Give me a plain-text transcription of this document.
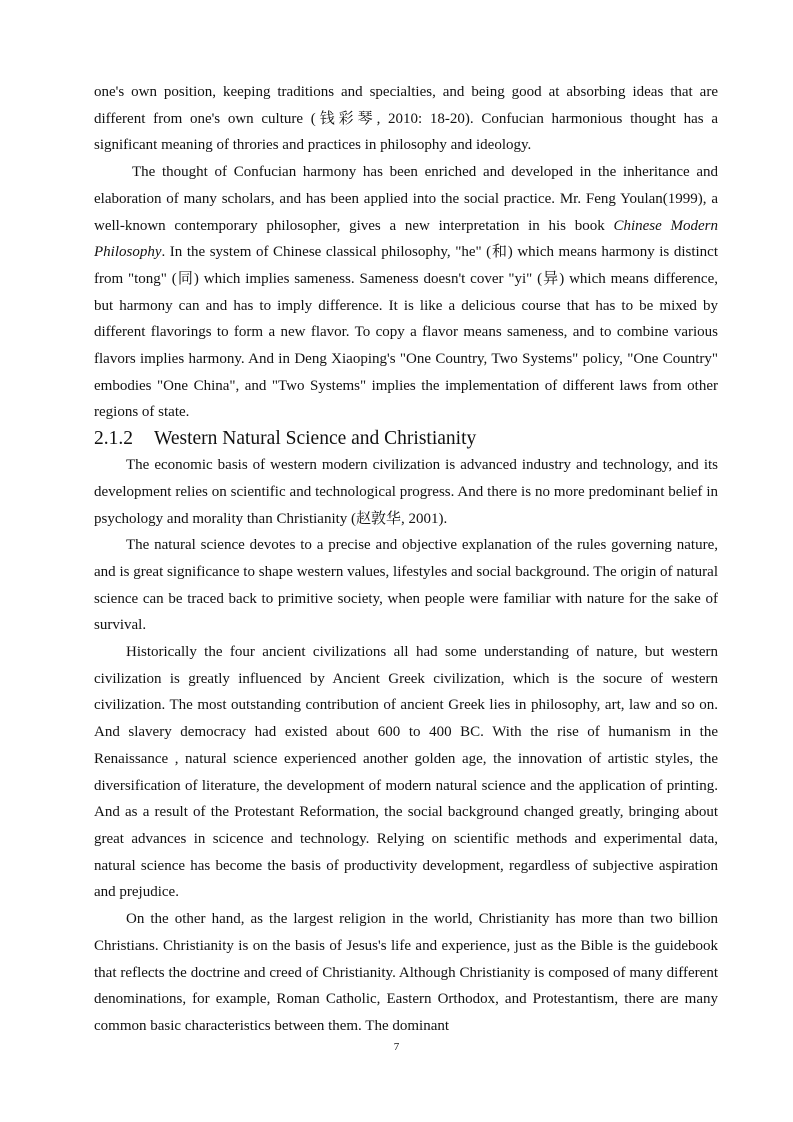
one's own position, keeping traditions and specialties, and being good at absorbing ideas that are different from one's own culture (钱彩琴, 2010: 18-20). Confucian harmonious thought has a significant meaning of throries and practices in philosophy and ideology.

The thought of Confucian harmony has been enriched and developed in the inheritance and elaboration of many scholars, and has been applied into the social practice. Mr. Feng Youlan(1999), a well-known contemporary philosopher, gives a new interpretation in his book Chinese Modern Philosophy. In the system of Chinese classical philosophy, "he" (和) which means harmony is distinct from "tong" (同) which implies sameness. Sameness doesn't cover "yi" (异) which means difference, but harmony can and has to imply difference. It is like a delicious course that has to be mixed by different flavorings to form a new flavor. To copy a flavor means sameness, and to combine various flavors implies harmony. And in Deng Xiaoping's "One Country, Two Systems" policy, "One Country" embodies "One China", and "Two Systems" implies the implementation of different laws from other regions of state.

2.1.2 Western Natural Science and Christianity

The economic basis of western modern civilization is advanced industry and technology, and its development relies on scientific and technological progress. And there is no more predominant belief in psychology and morality than Christianity (赵敦华, 2001).

The natural science devotes to a precise and objective explanation of the rules governing nature, and is great significance to shape western values, lifestyles and social background. The origin of natural science can be traced back to primitive society, when people were familiar with nature for the sake of survival.

Historically the four ancient civilizations all had some understanding of nature, but western civilization is greatly influenced by Ancient Greek civilization, which is the socure of western civilization. The most outstanding contribution of ancient Greek lies in philosophy, art, law and so on. And slavery democracy had existed about 600 to 400 BC. With the rise of humanism in the Renaissance , natural science experienced another golden age, the innovation of artistic styles, the diversification of literature, the development of modern natural science and the application of printing. And as a result of the Protestant Reformation, the social background changed greatly, bringing about great advances in scicence and technology. Relying on scientific methods and experimental data, natural science has become the basis of productivity development, regardless of subjective aspiration and prejudice.

On the other hand, as the largest religion in the world, Christianity has more than two billion Christians. Christianity is on the basis of Jesus's life and experience, just as the Bible is the guidebook that reflects the doctrine and creed of Christianity. Although Christianity is composed of many different denominations, for example, Roman Catholic, Eastern Orthodox, and Protestantism, there are many common basic characteristics between them. The dominant

7
